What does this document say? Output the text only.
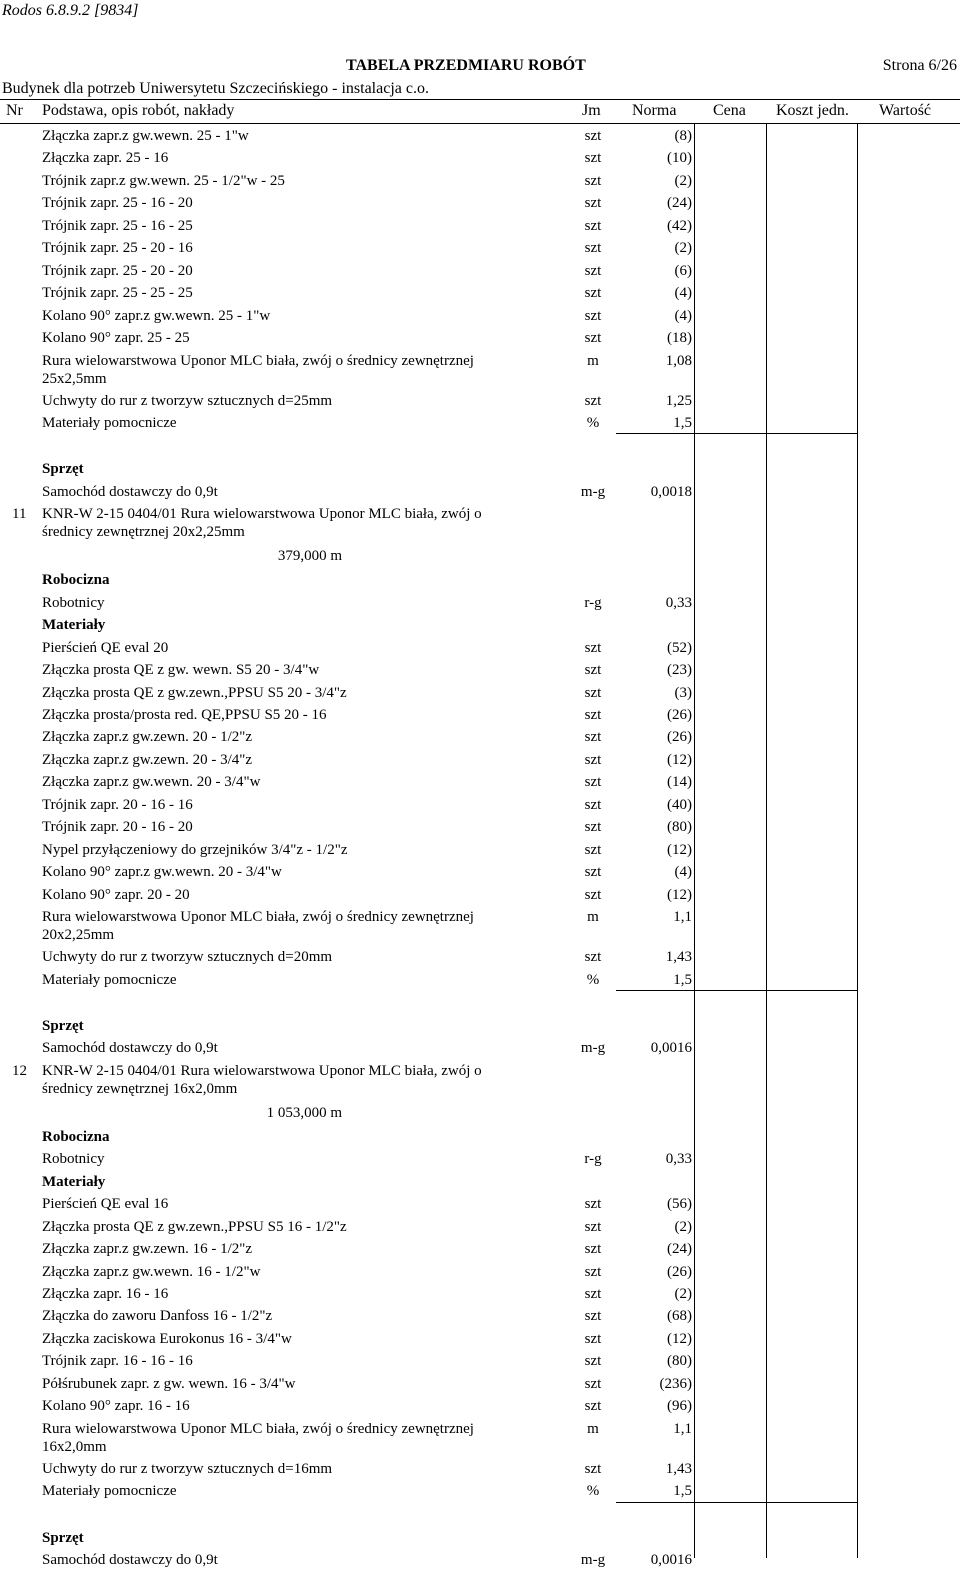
Rodos 6.8.9.2 [9834]
TABELA PRZEDMIARU ROBÓT	Strona 6/26
Budynek dla potrzeb Uniwersytetu Szczecińskiego - instalacja c.o.
Nr Podstawa, opis robót, nakłady	Jm Norma Cena Koszt jedn. Wartość
Złączka zapr.z gw.wewn. 25 - 1"w	szt	(8)
Złączka zapr. 25 - 16	szt	(10)
Trójnik zapr.z gw.wewn. 25 - 1/2"w - 25	szt	(2)
Trójnik zapr. 25 - 16 - 20	szt	(24)
Trójnik zapr. 25 - 16 - 25	szt	(42)
Trójnik zapr. 25 - 20 - 16	szt	(2)
Trójnik zapr. 25 - 20 - 20	szt	(6)
Trójnik zapr. 25 - 25 - 25	szt	(4)
Kolano 90° zapr.z gw.wewn. 25 - 1"w	szt	(4)
Kolano 90° zapr. 25 - 25	szt	(18)
Rura wielowarstwowa Uponor MLC biała, zwój o średnicy zewnętrznej
25x2,5mm
m	1,08
Uchwyty do rur z tworzyw sztucznych d=25mm	szt	1,25
Materiały pomocnicze	%	1,5
Sprzęt
Samochód dostawczy do 0,9t	m-g	0,0018
11 KNR-W 2-15 0404/01 Rura wielowarstwowa Uponor MLC biała, zwój o
średnicy zewnętrznej 20x2,25mm
379,000 m
Robocizna
Robotnicy	r-g	0,33
Materiały
Pierścień QE eval 20	szt	(52)
Złączka prosta QE z gw. wewn. S5 20 - 3/4"w	szt	(23)
Złączka prosta QE z gw.zewn.,PPSU S5 20 - 3/4"z	szt	(3)
Złączka prosta/prosta red. QE,PPSU S5 20 - 16	szt	(26)
Złączka zapr.z gw.zewn. 20 - 1/2"z	szt	(26)
Złączka zapr.z gw.zewn. 20 - 3/4"z	szt	(12)
Złączka zapr.z gw.wewn. 20 - 3/4"w	szt	(14)
Trójnik zapr. 20 - 16 - 16	szt	(40)
Trójnik zapr. 20 - 16 - 20	szt	(80)
Nypel przyłączeniowy do grzejników 3/4"z - 1/2"z	szt	(12)
Kolano 90° zapr.z gw.wewn. 20 - 3/4"w	szt	(4)
Kolano 90° zapr. 20 - 20	szt	(12)
Rura wielowarstwowa Uponor MLC biała, zwój o średnicy zewnętrznej
20x2,25mm
m	1,1
Uchwyty do rur z tworzyw sztucznych d=20mm	szt	1,43
Materiały pomocnicze	%	1,5
Sprzęt
Samochód dostawczy do 0,9t	m-g	0,0016
12 KNR-W 2-15 0404/01 Rura wielowarstwowa Uponor MLC biała, zwój o
średnicy zewnętrznej 16x2,0mm
1 053,000 m
Robocizna
Robotnicy	r-g	0,33
Materiały
Pierścień QE eval 16	szt	(56)
Złączka prosta QE z gw.zewn.,PPSU S5 16 - 1/2"z	szt	(2)
Złączka zapr.z gw.zewn. 16 - 1/2"z	szt	(24)
Złączka zapr.z gw.wewn. 16 - 1/2"w	szt	(26)
Złączka zapr. 16 - 16	szt	(2)
Złączka do zaworu Danfoss 16 - 1/2"z	szt	(68)
Złączka zaciskowa Eurokonus 16 - 3/4"w	szt	(12)
Trójnik zapr. 16 - 16 - 16	szt	(80)
Półśrubunek zapr. z gw. wewn. 16 - 3/4"w	szt	(236)
Kolano 90° zapr. 16 - 16	szt	(96)
Rura wielowarstwowa Uponor MLC biała, zwój o średnicy zewnętrznej
16x2,0mm
m	1,1
Uchwyty do rur z tworzyw sztucznych d=16mm	szt	1,43
Materiały pomocnicze	%	1,5
Sprzęt
Samochód dostawczy do 0,9t	m-g	0,0016
